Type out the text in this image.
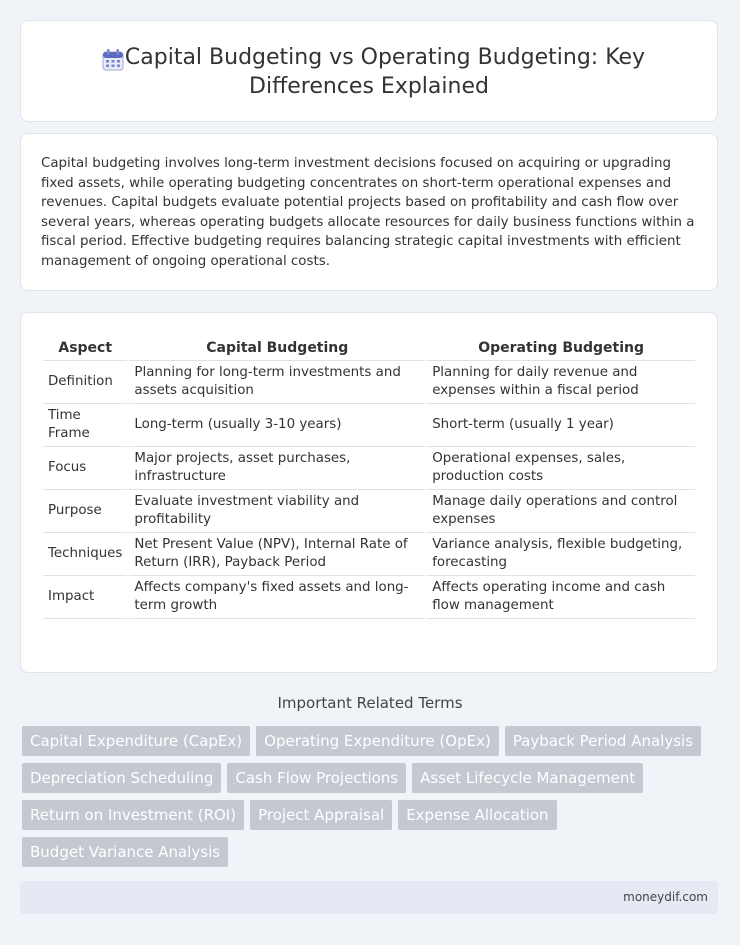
Capital Budgeting vs Operating Budgeting: Key
Differences Explained

Capital budgeting involves long-term investment decisions focused on acquiring or upgrading fixed assets, while operating budgeting concentrates on short-term operational expenses and revenues. Capital budgets evaluate potential projects based on profitability and cash flow over several years, whereas operating budgets allocate resources for daily business functions within a fiscal period. Effective budgeting requires balancing strategic capital investments with efficient management of ongoing operational costs.

Aspect	Capital Budgeting	Operating Budgeting
Definition	Planning for long-term investments and assets acquisition	Planning for daily revenue and expenses within a fiscal period
Time Frame	Long-term (usually 3-10 years)	Short-term (usually 1 year)
Focus	Major projects, asset purchases, infrastructure	Operational expenses, sales, production costs
Purpose	Evaluate investment viability and profitability	Manage daily operations and control expenses
Techniques	Net Present Value (NPV), Internal Rate of Return (IRR), Payback Period	Variance analysis, flexible budgeting, forecasting
Impact	Affects company's fixed assets and long-term growth	Affects operating income and cash flow management
Important Related Terms
Capital Expenditure (CapEx)	Operating Expenditure (OpEx)	Payback Period Analysis
Depreciation Scheduling	Cash Flow Projections	Asset Lifecycle Management
Return on Investment (ROI)	Project Appraisal	Expense Allocation
Budget Variance Analysis
moneydif.com
